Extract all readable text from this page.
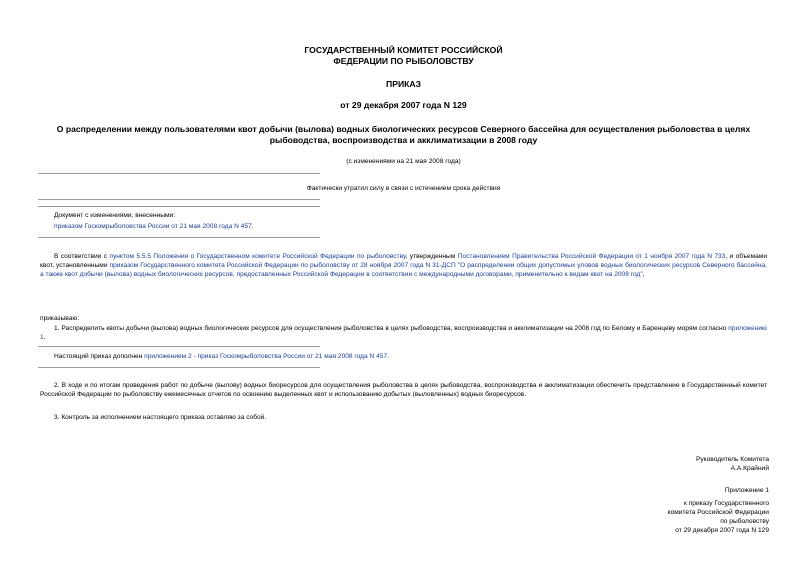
ГОСУДАРСТВЕННЫЙ КОМИТЕТ РОССИЙСКОЙ
ФЕДЕРАЦИИ ПО РЫБОЛОВСТВУ
ПРИКАЗ
от 29 декабря 2007 года N 129
О распределении между пользователями квот добычи (вылова) водных биологических ресурсов Северного бассейна для осуществления рыболовства в целях
рыбоводства, воспроизводства и акклиматизации в 2008 году
(с изменениями на 21 мая 2008 года)
Фактически утратил силу в связи с истечением срока действия
Документ с изменениями, внесенными:
приказом Госкомрыболовства России от 21 мая 2008 года N 457.
В соответствии с пунктом 5.5.5 Положения о Государственном комитете Российской Федерации по рыболовству, утвержденным Постановлением Правительства Российской Федерации от 1 ноября 2007 года N 733, и объемами квот, установленными приказом Государственного комитета Российской Федерации по рыболовству от 28 ноября 2007 года N 31-ДСП "О распределении общих допустимых уловов водных биологических ресурсов Северного бассейна, а также квот добычи (вылова) водных биологических ресурсов, предоставленных Российской Федерации в соответствии с международными договорами, применительно к видам квот на 2008 год",
приказываю:
1. Распределить квоты добычи (вылова) водных биологических ресурсов для осуществления рыболовства в целях рыбоводства, воспроизводства и акклиматизации на 2008 год по Белому и Баренцеву морям согласно приложению 1.
Настоящий приказ дополнен приложением 2 - приказ Госкомрыболовства России от 21 мая 2008 года N 457.
2. В ходе и по итогам проведения работ по добыче (вылову) водных биоресурсов для осуществления рыболовства в целях рыбоводства, воспроизводства и акклиматизации обеспечить представление в Государственный комитет Российской Федерации по рыболовству ежемесячных отчетов по освоению выделенных квот и использованию добытых (выловленных) водных биоресурсов.
3. Контроль за исполнением настоящего приказа оставляю за собой.
Руководитель Комитета
А.А.Крайний
Приложение 1
к приказу Государственного
комитета Российской Федерации
по рыболовству
от 29 декабря 2007 года N 129
